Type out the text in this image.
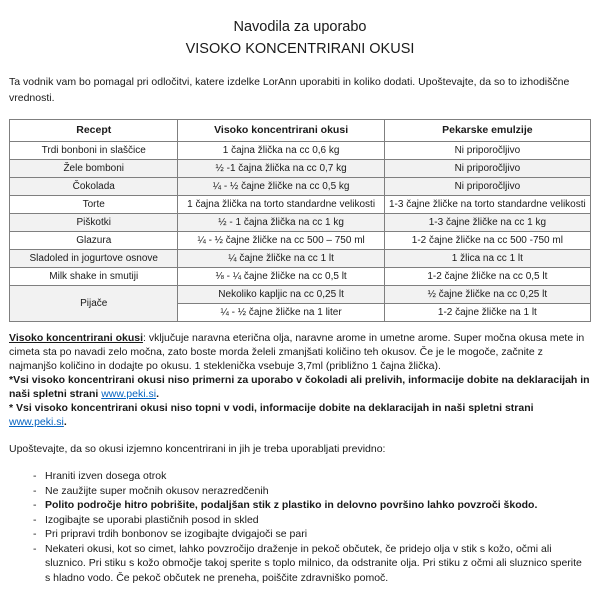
Navodila za uporabo
VISOKO KONCENTRIRANI OKUSI

Ta vodnik vam bo pomagal pri odločitvi, katere izdelke LorAnn uporabiti in koliko dodati. Upoštevajte, da so to izhodiščne vrednosti.

Recept	Visoko koncentrirani okusi	Pekarske emulzije
Trdi bonboni in slaščice	1 čajna žlička na cc 0,6 kg	Ni priporočljivo
Žele bomboni	½ -1 čajna žlička na cc 0,7 kg	Ni priporočljivo
Čokolada	¼ - ½ čajne žličke na cc 0,5 kg	Ni priporočljivo
Torte	1 čajna žlička na torto standardne velikosti	1-3 čajne žličke na torto standardne velikosti
Piškotki	½ - 1 čajna žlička na cc 1 kg	1-3 čajne žličke na cc 1 kg
Glazura	¼ - ½ čajne žličke na cc 500 – 750 ml	1-2 čajne žličke na cc 500 -750 ml
Sladoled in jogurtove osnove	¼ čajne žličke na cc 1 lt	1 žlica na cc 1 lt
Milk shake in smutiji	⅛ - ¼ čajne žličke na cc 0,5 lt	1-2 čajne žličke na cc 0,5 lt
Pijače	Nekoliko kapljic na cc 0,25 lt	½ čajne žličke na cc 0,25 lt
	¼ - ½ čajne žličke na 1 liter	1-2 čajne žličke na 1 lt

Visoko koncentrirani okusi: vključuje naravna eterična olja, naravne arome in umetne arome. Super močna okusa mete in cimeta sta po navadi zelo močna, zato boste morda želeli zmanjšati količino teh okusov. Če je le mogoče, začnite z najmanjšo količino in dodajte po okusu. 1 steklenička vsebuje 3,7ml (približno 1 čajna žlička).

*Vsi visoko koncentrirani okusi niso primerni za uporabo v čokoladi ali prelivih, informacije dobite na deklaracijah in naši spletni strani www.peki.si.

* Vsi visoko koncentrirani okusi niso topni v vodi, informacije dobite na deklaracijah in naši spletni strani www.peki.si.

Upoštevajte, da so okusi izjemno koncentrirani in jih je treba uporabljati previdno:

- Hraniti izven dosega otrok
- Ne zaužijte super močnih okusov nerazredčenih
- Polito področje hitro pobrišite, podaljšan stik z plastiko in delovno površino lahko povzroči škodo.
- Izogibajte se uporabi plastičnih posod in skled
- Pri pripravi trdih bonbonov se izogibajte dvigajoči se pari
- Nekateri okusi, kot so cimet, lahko povzročijo draženje in pekoč občutek, če pridejo olja v stik s kožo, očmi ali sluznico. Pri stiku s kožo območje takoj sperite s toplo milnico, da odstranite olja. Pri stiku z očmi ali sluznico sperite s hladno vodo. Če pekoč občutek ne preneha, poiščite zdravniško pomoč.
